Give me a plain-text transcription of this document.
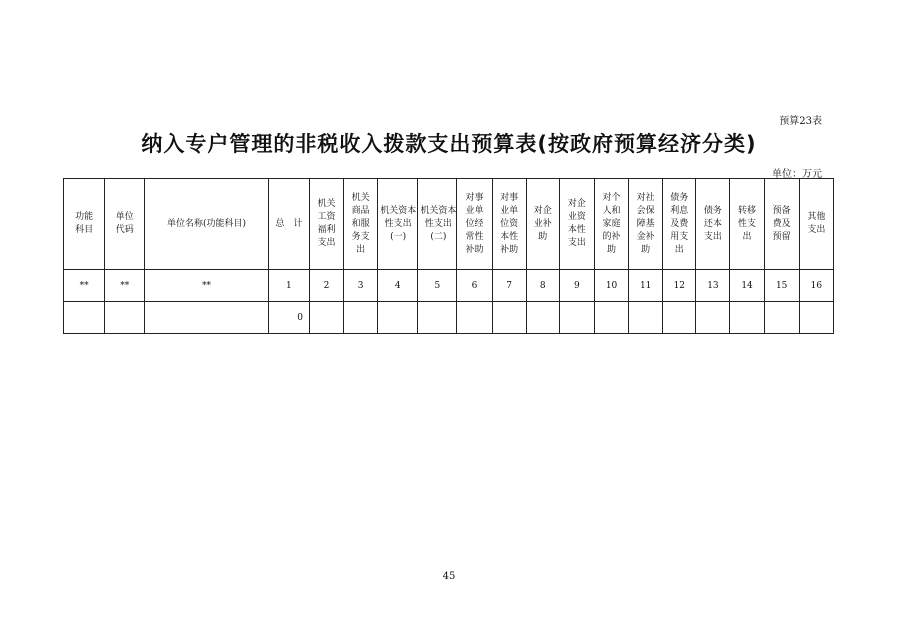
预算23表
纳入专户管理的非税收入拨款支出预算表(按政府预算经济分类)
单位：万元
功能科目	单位代码	单位名称(功能科目)	总　计	机关工资福利支出	机关商品和服务支出	机关资本性支出(一)	机关资本性支出(二)	对事业单位经常性补助	对事业单位资本性补助	对企业补助	对企业资本性支出	对个人和家庭的补助	对社会保障基金补助	债务利息及费用支出	债务还本支出	转移性支出	预备费及预留	其他支出
**	**	**	1	2	3	4	5	6	7	8	9	10	11	12	13	14	15	16
			0															
45
